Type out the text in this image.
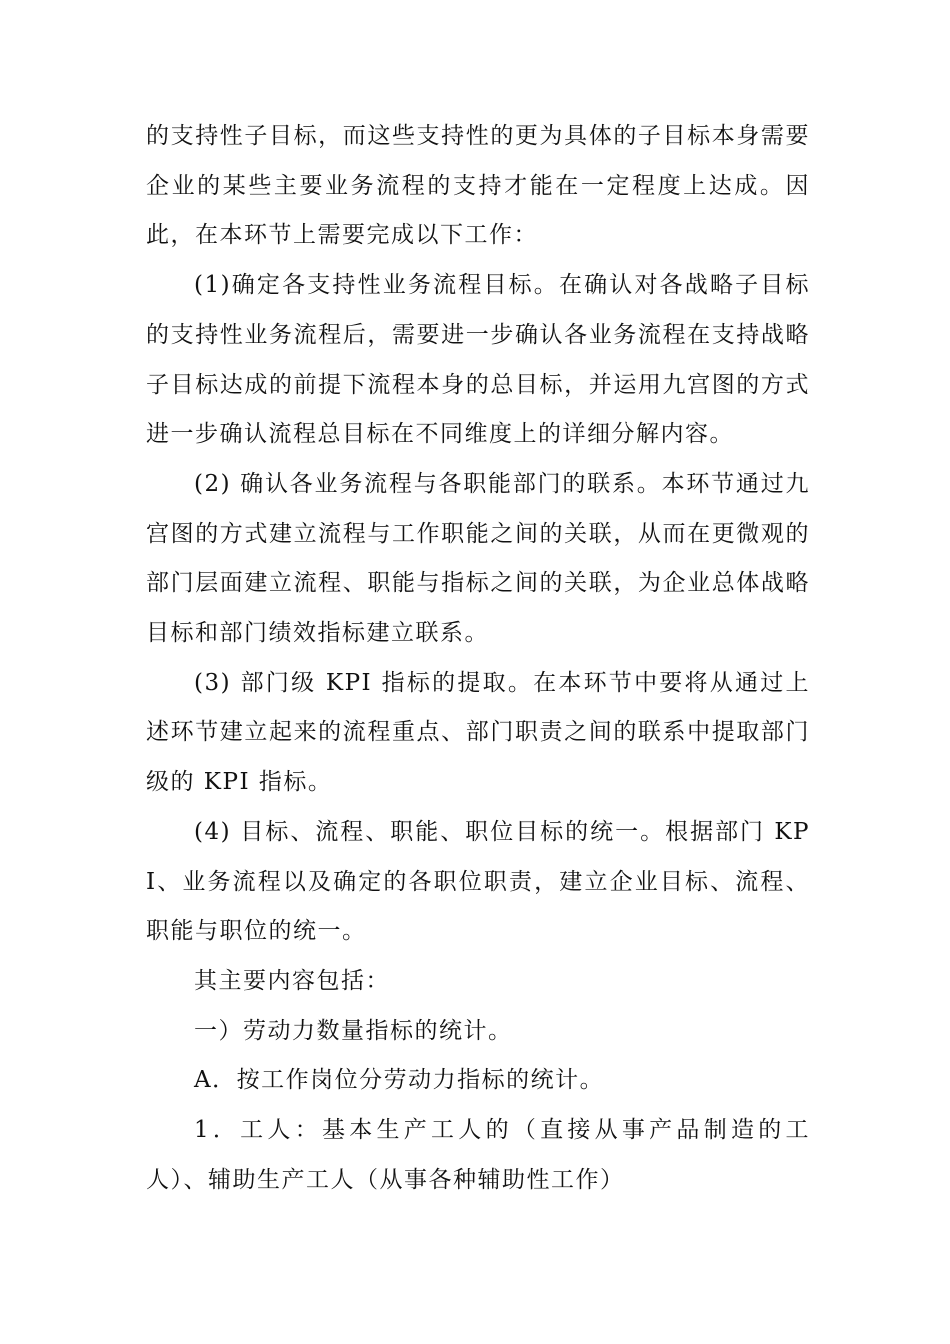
的支持性子目标，而这些支持性的更为具体的子目标本身需要企业的某些主要业务流程的支持才能在一定程度上达成。因此，在本环节上需要完成以下工作：

(1)确定各支持性业务流程目标。在确认对各战略子目标的支持性业务流程后，需要进一步确认各业务流程在支持战略子目标达成的前提下流程本身的总目标，并运用九宫图的方式进一步确认流程总目标在不同维度上的详细分解内容。

(2) 确认各业务流程与各职能部门的联系。本环节通过九宫图的方式建立流程与工作职能之间的关联，从而在更微观的部门层面建立流程、职能与指标之间的关联，为企业总体战略目标和部门绩效指标建立联系。

(3) 部门级 KPI 指标的提取。在本环节中要将从通过上述环节建立起来的流程重点、部门职责之间的联系中提取部门级的 KPI 指标。

(4) 目标、流程、职能、职位目标的统一。根据部门 KPI、业务流程以及确定的各职位职责，建立企业目标、流程、职能与职位的统一。

其主要内容包括：

一）劳动力数量指标的统计。

A．按工作岗位分劳动力指标的统计。

1．工人：基本生产工人的（直接从事产品制造的工人）、辅助生产工人（从事各种辅助性工作）
